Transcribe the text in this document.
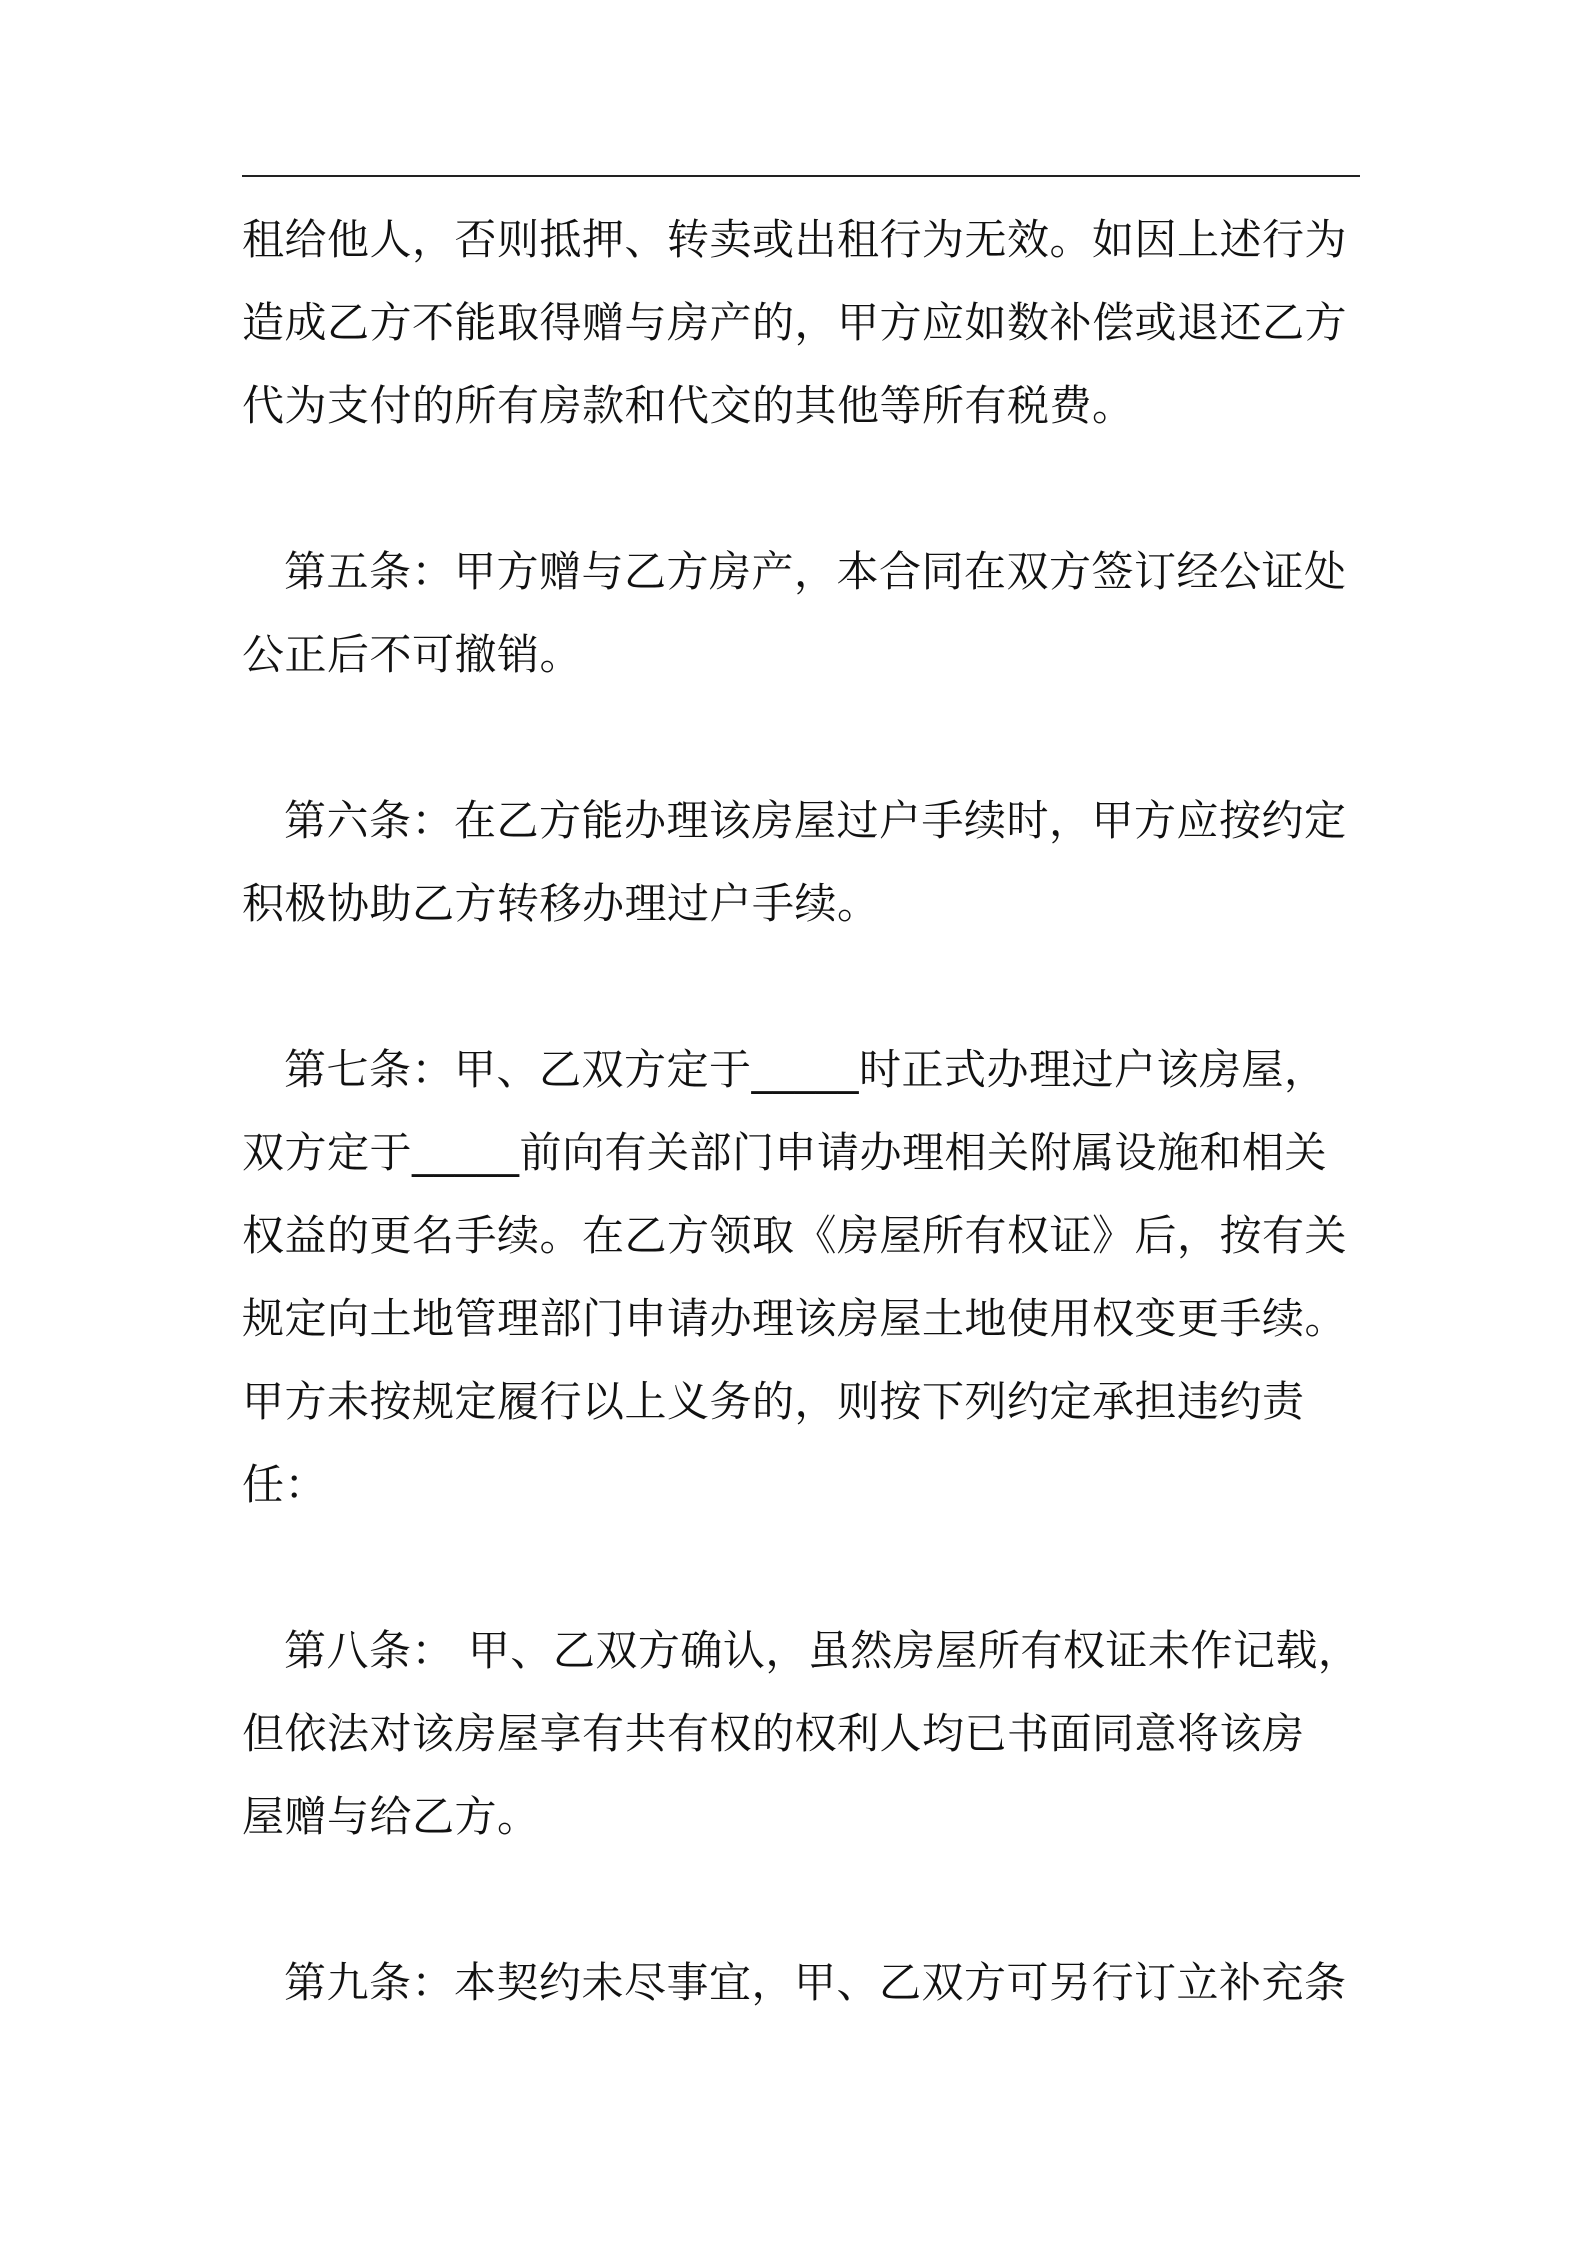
租给他人，否则抵押、转卖或出租行为无效。如因上述行为
造成乙方不能取得赠与房产的，甲方应如数补偿或退还乙方
代为支付的所有房款和代交的其他等所有税费。
第五条：甲方赠与乙方房产，本合同在双方签订经公证处
公正后不可撤销。
第六条：在乙方能办理该房屋过户手续时，甲方应按约定
积极协助乙方转移办理过户手续。
第七条：甲、乙双方定于_____时正式办理过户该房屋，
双方定于_____前向有关部门申请办理相关附属设施和相关
权益的更名手续。在乙方领取《房屋所有权证》后，按有关
规定向土地管理部门申请办理该房屋土地使用权变更手续。
甲方未按规定履行以上义务的，则按下列约定承担违约责
任：
第八条： 甲、乙双方确认，虽然房屋所有权证未作记载，
但依法对该房屋享有共有权的权利人均已书面同意将该房
屋赠与给乙方。
第九条：本契约未尽事宜，甲、乙双方可另行订立补充条
